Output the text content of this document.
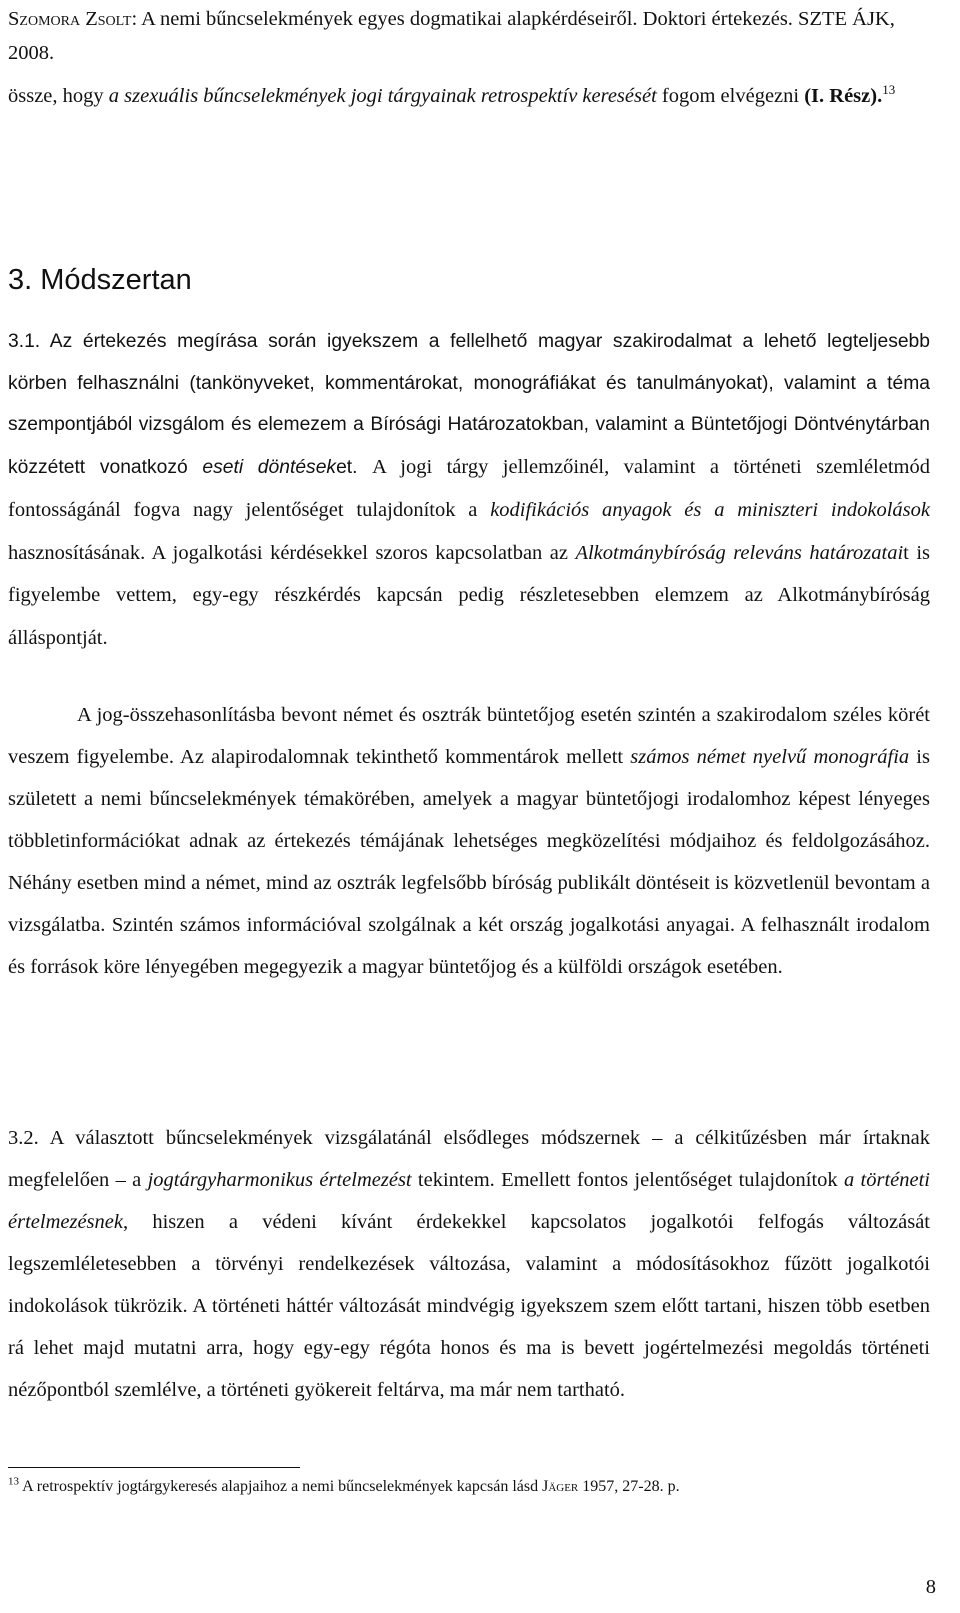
Szomora Zsolt: A nemi bűncselekmények egyes dogmatikai alapkérdéseiről. Doktori értekezés. SZTE ÁJK, 2008.

össze, hogy a szexuális bűncselekmények jogi tárgyainak retrospektív keresését fogom elvégezni (I. Rész).$^{13}$

3. Módszertan
3.1. Az értekezés megírása során igyekszem a fellelhető magyar szakirodalmat a lehető legteljesebb körben felhasználni (tankönyveket, kommentárokat, monográfiákat és tanulmányokat), valamint a téma szempontjából vizsgálom és elemezem a Bírósági Határozatokban, valamint a Büntetőjogi Döntvénytárban közzétett vonatkozó eseti döntéseket. A jogi tárgy jellemzőinél, valamint a történeti szemléletmód fontosságánál fogva nagy jelentőséget tulajdonítok a kodifikációs anyagok és a miniszteri indokolások hasznosításának. A jogalkotási kérdésekkel szoros kapcsolatban az Alkotmánybíróság releváns határozatait is figyelembe vettem, egy-egy részkérdés kapcsán pedig részletesebben elemzem az Alkotmánybíróság álláspontját.

A jog-összehasonlításba bevont német és osztrák büntetőjog esetén szintén a szakirodalom széles körét veszem figyelembe. Az alapirodalomnak tekinthető kommentárok mellett számos német nyelvű monográfia is született a nemi bűncselekmények témakörében, amelyek a magyar büntetőjogi irodalomhoz képest lényeges többletinformációkat adnak az értekezés témájának lehetséges megközelítési módjaihoz és feldolgozásához. Néhány esetben mind a német, mind az osztrák legfelsőbb bíróság publikált döntéseit is közvetlenül bevontam a vizsgálatba. Szintén számos információval szolgálnak a két ország jogalkotási anyagai. A felhasznált irodalom és források köre lényegében megegyezik a magyar büntetőjog és a külföldi országok esetében.

3.2. A választott bűncselekmények vizsgálatánál elsődleges módszernek – a célkitűzésben már írtaknak megfelelően – a jogtárgyharmonikus értelmezést tekintem. Emellett fontos jelentőséget tulajdonítok a történeti értelmezésnek, hiszen a védeni kívánt érdekekkel kapcsolatos jogalkotói felfogás változását legszemléletesebben a törvényi rendelkezések változása, valamint a módosításokhoz fűzött jogalkotói indokolások tükrözik. A történeti háttér változását mindvégig igyekszem szem előtt tartani, hiszen több esetben rá lehet majd mutatni arra, hogy egy-egy régóta honos és ma is bevett jogértelmezési megoldás történeti nézőpontból szemlélve, a történeti gyökereit feltárva, ma már nem tartható.

$^{13}$ A retrospektív jogtárgykeresés alapjaihoz a nemi bűncselekmények kapcsán lásd Jäger 1957, 27-28. p.
8
